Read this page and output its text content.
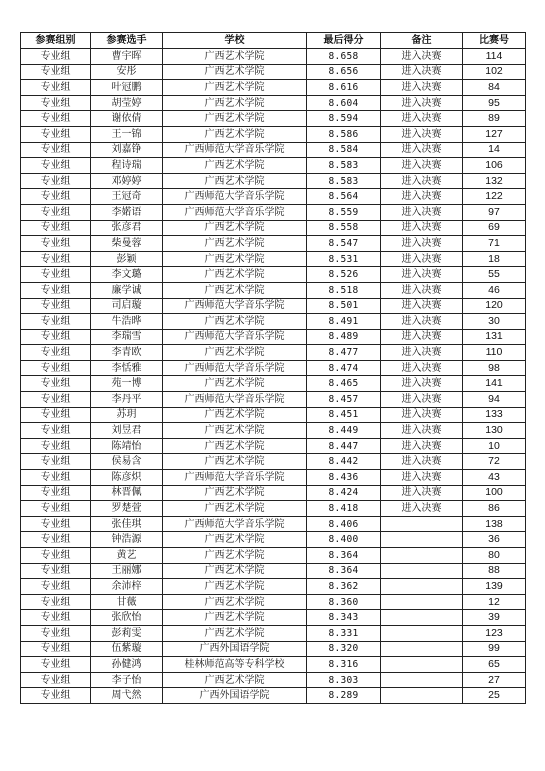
参赛组别	参赛选手	学校	最后得分	备注	比赛号
专业组	曹宇晖	广西艺术学院	8.658	进入决赛	114
专业组	安彤	广西艺术学院	8.656	进入决赛	102
专业组	叶冠鹏	广西艺术学院	8.616	进入决赛	84
专业组	胡莹婷	广西艺术学院	8.604	进入决赛	95
专业组	谢依倩	广西艺术学院	8.594	进入决赛	89
专业组	王一锦	广西艺术学院	8.586	进入决赛	127
专业组	刘嘉铮	广西师范大学音乐学院	8.584	进入决赛	14
专业组	程诗瑞	广西艺术学院	8.583	进入决赛	106
专业组	邓婷婷	广西艺术学院	8.583	进入决赛	132
专业组	王冠奇	广西师范大学音乐学院	8.564	进入决赛	122
专业组	李婼语	广西师范大学音乐学院	8.559	进入决赛	97
专业组	张彦君	广西艺术学院	8.558	进入决赛	69
专业组	柴曼蓉	广西艺术学院	8.547	进入决赛	71
专业组	彭颖	广西艺术学院	8.531	进入决赛	18
专业组	李文璐	广西艺术学院	8.526	进入决赛	55
专业组	廉学诚	广西艺术学院	8.518	进入决赛	46
专业组	司启璇	广西师范大学音乐学院	8.501	进入决赛	120
专业组	牛浩晔	广西艺术学院	8.491	进入决赛	30
专业组	李瑞雪	广西师范大学音乐学院	8.489	进入决赛	131
专业组	李青欧	广西艺术学院	8.477	进入决赛	110
专业组	李恬雅	广西师范大学音乐学院	8.474	进入决赛	98
专业组	苑一博	广西艺术学院	8.465	进入决赛	141
专业组	李丹平	广西师范大学音乐学院	8.457	进入决赛	94
专业组	苏玥	广西艺术学院	8.451	进入决赛	133
专业组	刘昱君	广西艺术学院	8.449	进入决赛	130
专业组	陈靖怡	广西艺术学院	8.447	进入决赛	10
专业组	侯易含	广西艺术学院	8.442	进入决赛	72
专业组	陈彦炽	广西师范大学音乐学院	8.436	进入决赛	43
专业组	林晋佩	广西艺术学院	8.424	进入决赛	100
专业组	罗楚萱	广西艺术学院	8.418	进入决赛	86
专业组	张佳琪	广西师范大学音乐学院	8.406		138
专业组	钟浩源	广西艺术学院	8.400		36
专业组	黄艺	广西艺术学院	8.364		80
专业组	王丽娜	广西艺术学院	8.364		88
专业组	余沛梓	广西艺术学院	8.362		139
专业组	甘薇	广西艺术学院	8.360		12
专业组	张欣怡	广西艺术学院	8.343		39
专业组	彭莉雯	广西艺术学院	8.331		123
专业组	伍紫璇	广西外国语学院	8.320		99
专业组	孙健鸿	桂林师范高等专科学校	8.316		65
专业组	李子怡	广西艺术学院	8.303		27
专业组	周弋然	广西外国语学院	8.289		25
